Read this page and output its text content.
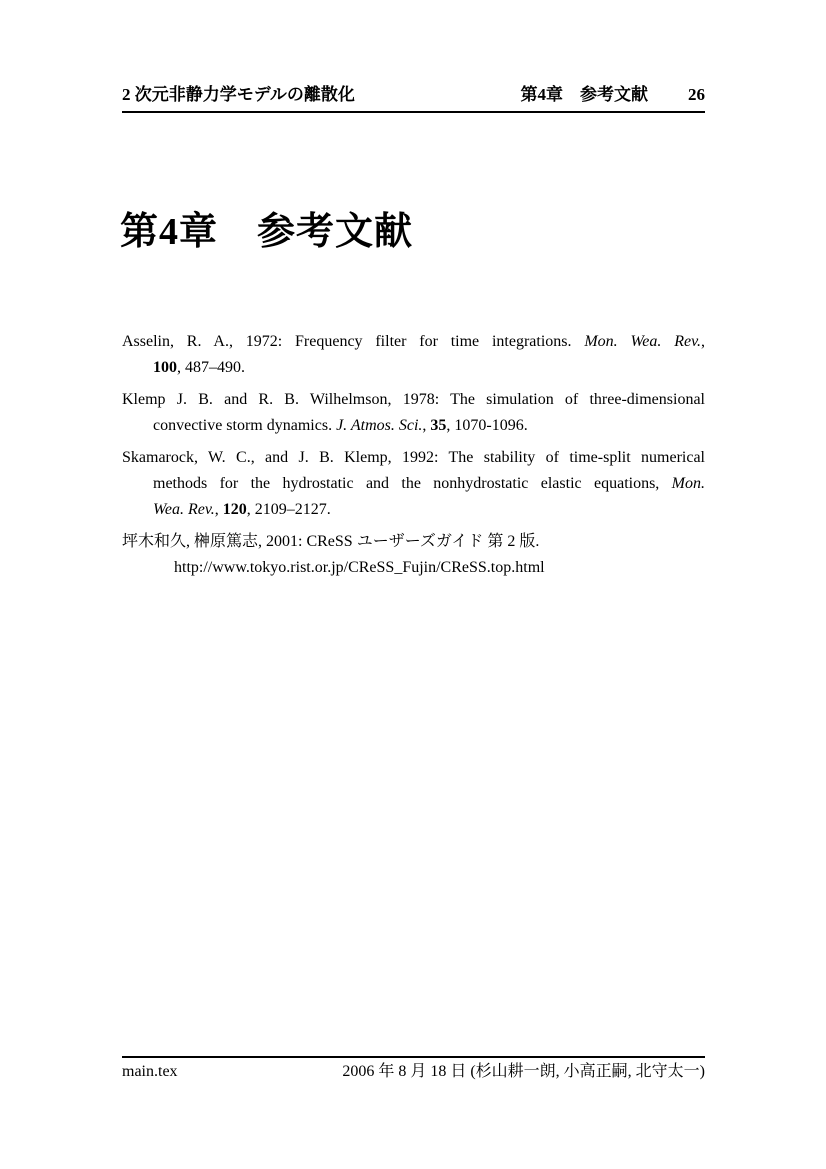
2 次元非静力学モデルの離散化	第4章　参考文献 26
第4章　参考文献
Asselin, R. A., 1972: Frequency filter for time integrations. Mon. Wea. Rev.,
100, 487–490.
Klemp J. B. and R. B. Wilhelmson, 1978: The simulation of three-dimensional
convective storm dynamics. J. Atmos. Sci., 35, 1070-1096.
Skamarock, W. C., and J. B. Klemp, 1992: The stability of time-split numerical
methods for the hydrostatic and the nonhydrostatic elastic equations, Mon.
Wea. Rev., 120, 2109–2127.
坪木和久, 榊原篤志, 2001: CReSS ユーザーズガイド 第 2 版.
http://www.tokyo.rist.or.jp/CReSS_Fujin/CReSS.top.html
main.tex	2006 年 8 月 18 日 (杉山耕一朗, 小高正嗣, 北守太一)
